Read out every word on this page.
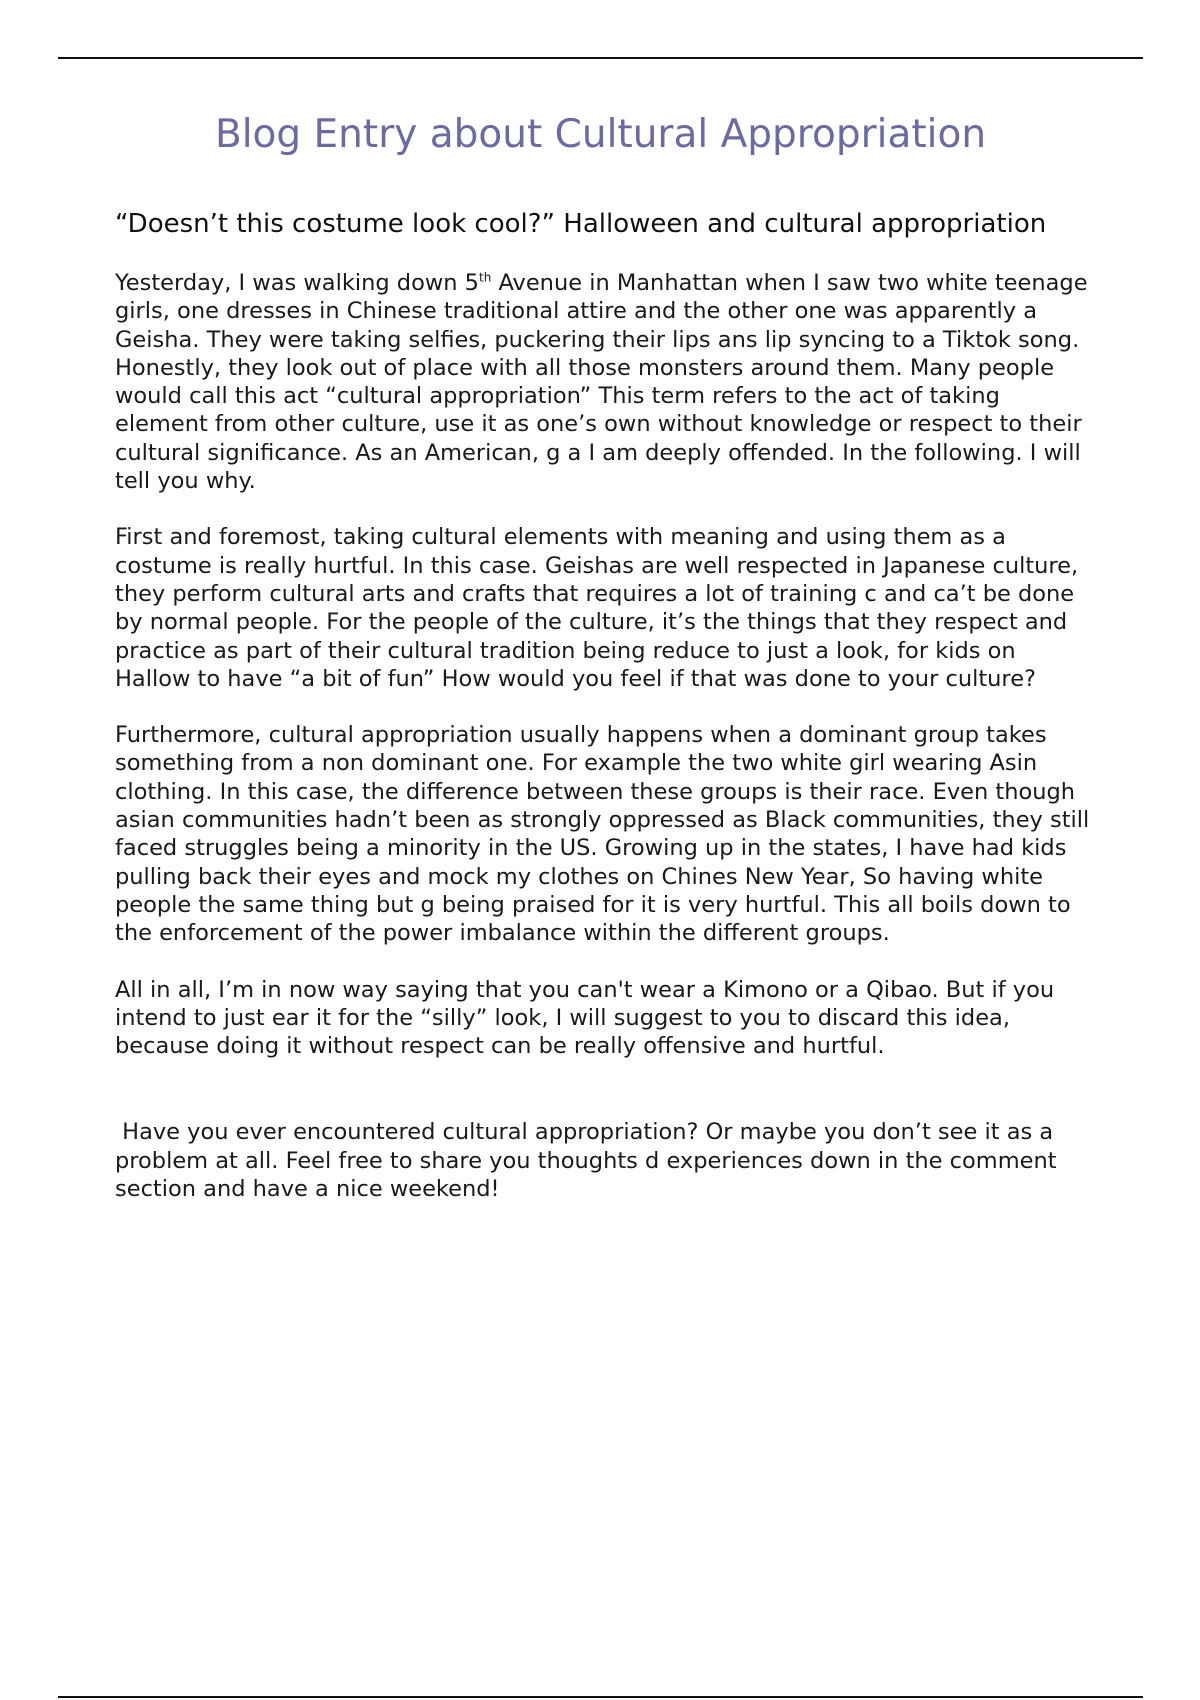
Blog Entry about Cultural Appropriation
“Doesn’t this costume look cool?” Halloween and cultural appropriation

Yesterday, I was walking down 5th Avenue in Manhattan when I saw two white teenage girls, one dresses in Chinese traditional attire and the other one was apparently a Geisha. They were taking selfies, puckering their lips ans lip syncing to a Tiktok song. Honestly, they look out of place with all those monsters around them. Many people would call this act “cultural appropriation” This term refers to the act of taking element from other culture, use it as one’s own without knowledge or respect to their cultural significance. As an American, g a I am deeply offended. In the following. I will tell you why.

First and foremost, taking cultural elements with meaning and using them as a costume is really hurtful. In this case. Geishas are well respected in Japanese culture, they perform cultural arts and crafts that requires a lot of training c and ca’t be done by normal people. For the people of the culture, it’s the things that they respect and practice as part of their cultural tradition being reduce to just a look, for kids on Hallow to have “a bit of fun” How would you feel if that was done to your culture?

Furthermore, cultural appropriation usually happens when a dominant group takes something from a non dominant one. For example the two white girl wearing Asin clothing. In this case, the difference between these groups is their race. Even though asian communities hadn’t been as strongly oppressed as Black communities, they still faced struggles being a minority in the US. Growing up in the states, I have had kids pulling back their eyes and mock my clothes on Chines New Year, So having white people the same thing but g being praised for it is very hurtful. This all boils down to the enforcement of the power imbalance within the different groups.

All in all, I’m in now way saying that you can't wear a Kimono or a Qibao. But if you intend to just ear it for the “silly” look, I will suggest to you to discard this idea, because doing it without respect can be really offensive and hurtful.

Have you ever encountered cultural appropriation? Or maybe you don’t see it as a problem at all. Feel free to share you thoughts d experiences down in the comment section and have a nice weekend!
